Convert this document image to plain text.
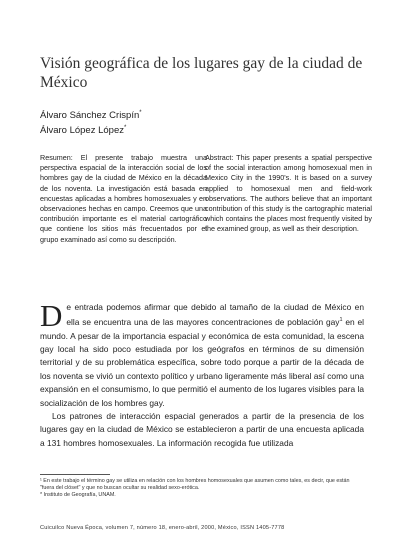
Visión geográfica de los lugares gay de la ciudad de México
Álvaro Sánchez Crispín*
Álvaro López López*
Resumen: El presente trabajo muestra una perspectiva espacial de la interacción social de los hombres gay de la ciudad de México en la década de los noventa. La investigación está basada en encuestas aplicadas a hombres homosexuales y en observaciones hechas en campo. Creemos que una contribución importante es el material cartográfico que contiene los sitios más frecuentados por el grupo examinado así como su descripción.
Abstract: This paper presents a spatial perspective of the social interaction among homosexual men in Mexico City in the 1990's. It is based on a survey applied to homosexual men and field-work observations. The authors believe that an important contribution of this study is the cartographic material which contains the places most frequently visited by the examined group, as well as their description.

De entrada podemos afirmar que debido al tamaño de la ciudad de México en ella se encuentra una de las mayores concentraciones de población gay$^1$ en el mundo. A pesar de la importancia espacial y económica de esta comunidad, la escena gay local ha sido poco estudiada por los geógrafos en términos de su dimensión territorial y de su problemática específica, sobre todo porque a partir de la década de los noventa se vivió un contexto político y urbano ligeramente más liberal así como una expansión en el consumismo, lo que permitió el aumento de los lugares visibles para la socialización de los hombres gay.

Los patrones de interacción espacial generados a partir de la presencia de los lugares gay en la ciudad de México se establecieron a partir de una encuesta aplicada a 131 hombres homosexuales. La información recogida fue utilizada

¹ En este trabajo el término gay se utiliza en relación con los hombres homosexuales que asumen como tales, es decir, que están "fuera del clóset" y que no buscan ocultar su realidad sexo-erótica.

* Instituto de Geografía, UNAM.

Cuicuilco Nueva Época, volumen 7, número 18, enero-abril, 2000, México, ISSN 1405-7778
